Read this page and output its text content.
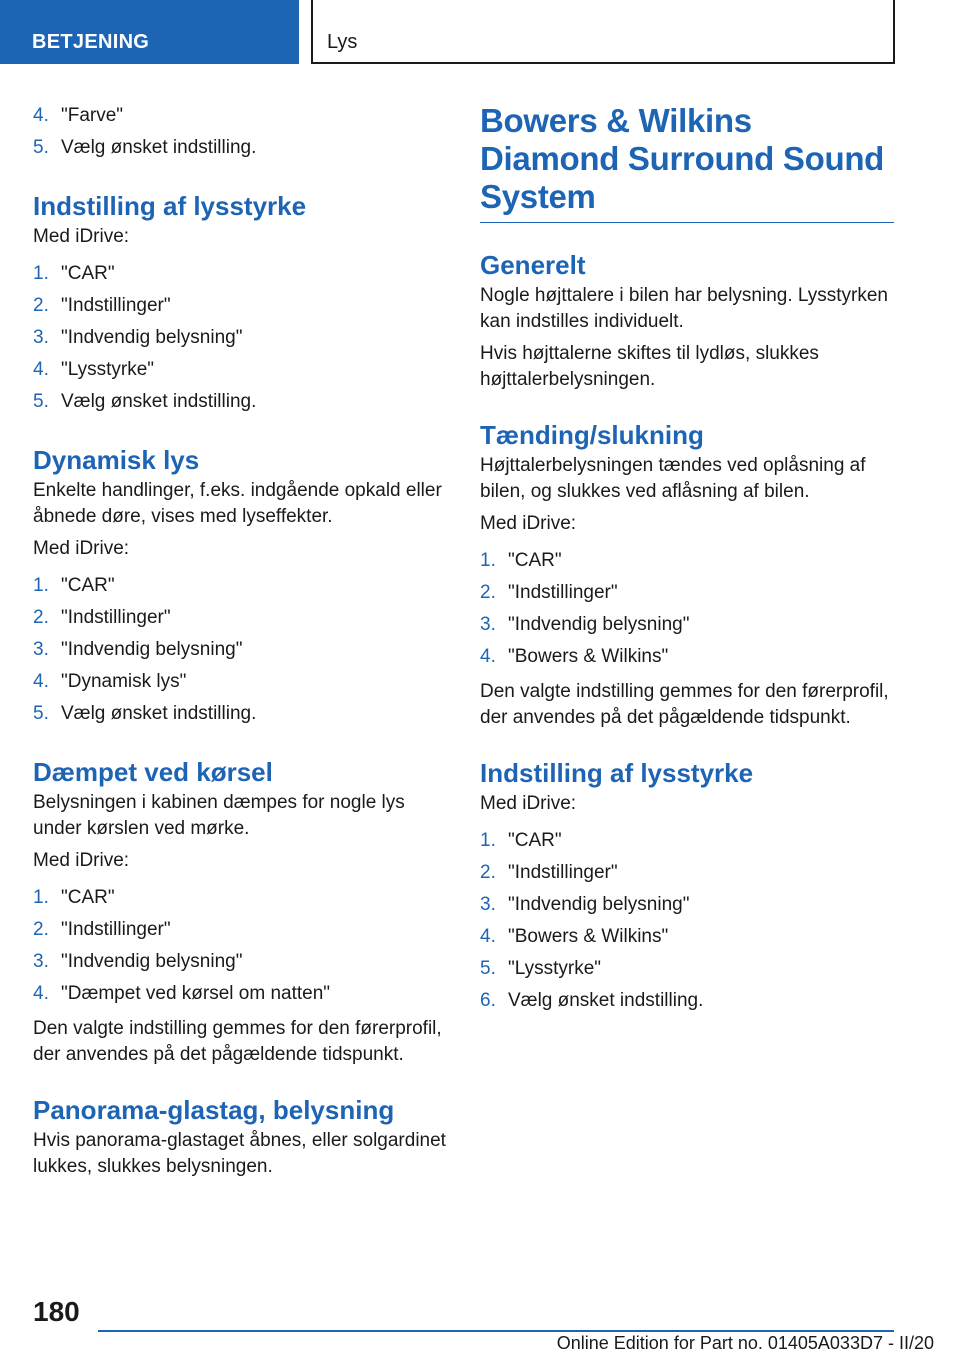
BETJENING	Lys
4. "Farve"
5. Vælg ønsket indstilling.
Indstilling af lysstyrke

Med iDrive:

1. "CAR"
2. "Indstillinger"
3. "Indvendig belysning"
4. "Lysstyrke"
5. Vælg ønsket indstilling.
Dynamisk lys

Enkelte handlinger, f.eks. indgående opkald eller åbnede døre, vises med lyseffekter.

Med iDrive:

1. "CAR"
2. "Indstillinger"
3. "Indvendig belysning"
4. "Dynamisk lys"
5. Vælg ønsket indstilling.
Dæmpet ved kørsel

Belysningen i kabinen dæmpes for nogle lys under kørslen ved mørke.

Med iDrive:

1. "CAR"
2. "Indstillinger"
3. "Indvendig belysning"
4. "Dæmpet ved kørsel om natten"

Den valgte indstilling gemmes for den førerprofil, der anvendes på det pågældende tidspunkt.

Panorama-glastag, belysning

Hvis panorama-glastaget åbnes, eller solgardinet lukkes, slukkes belysningen.

Bowers & Wilkins Diamond Surround Sound System
Generelt

Nogle højttalere i bilen har belysning. Lysstyrken kan indstilles individuelt.

Hvis højttalerne skiftes til lydløs, slukkes højttalerbelysningen.

Tænding/slukning

Højttalerbelysningen tændes ved oplåsning af bilen, og slukkes ved aflåsning af bilen.

Med iDrive:

1. "CAR"
2. "Indstillinger"
3. "Indvendig belysning"
4. "Bowers & Wilkins"

Den valgte indstilling gemmes for den førerprofil, der anvendes på det pågældende tidspunkt.

Indstilling af lysstyrke

Med iDrive:

1. "CAR"
2. "Indstillinger"
3. "Indvendig belysning"
4. "Bowers & Wilkins"
5. "Lysstyrke"
6. Vælg ønsket indstilling.
180
Online Edition for Part no. 01405A033D7 - II/20
